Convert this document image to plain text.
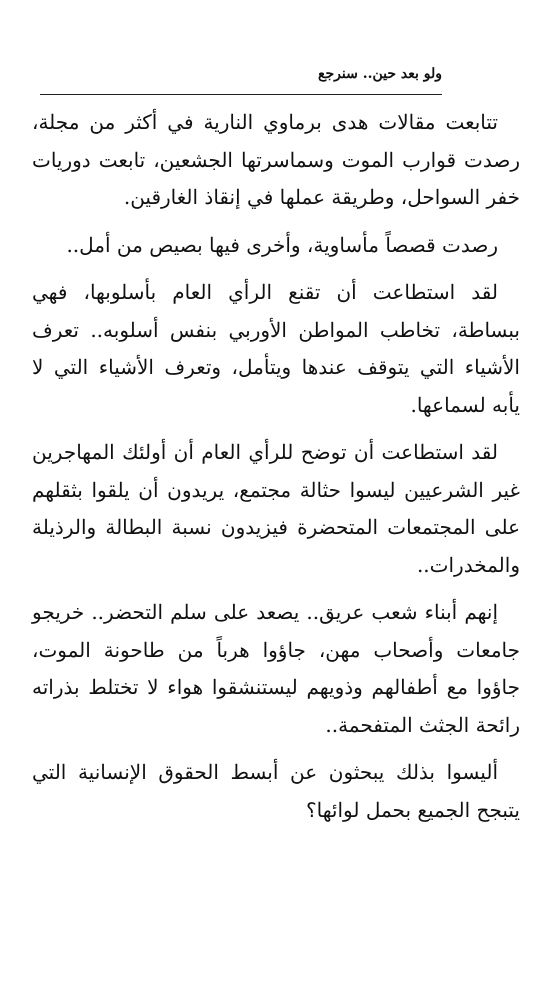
ولو بعد حين.. سنرجع

تتابعت مقالات هدى برماوي النارية في أكثر من مجلة، رصدت قوارب الموت وسماسرتها الجشعين، تابعت دوريات خفر السواحل، وطريقة عملها في إنقاذ الغارقين.

رصدت قصصاً مأساوية، وأخرى فيها بصيص من أمل..

لقد استطاعت أن تقنع الرأي العام بأسلوبها، فهي ببساطة، تخاطب المواطن الأوربي بنفس أسلوبه.. تعرف الأشياء التي يتوقف عندها ويتأمل، وتعرف الأشياء التي لا يأبه لسماعها.

لقد استطاعت أن توضح للرأي العام أن أولئك المهاجرين غير الشرعيين ليسوا حثالة مجتمع، يريدون أن يلقوا بثقلهم على المجتمعات المتحضرة فيزيدون نسبة البطالة والرذيلة والمخدرات..

إنهم أبناء شعب عريق.. يصعد على سلم التحضر.. خريجو جامعات وأصحاب مهن، جاؤوا هرباً من طاحونة الموت، جاؤوا مع أطفالهم وذويهم ليستنشقوا هواء لا تختلط بذراته رائحة الجثث المتفحمة..

أليسوا بذلك يبحثون عن أبسط الحقوق الإنسانية التي يتبجح الجميع بحمل لوائها؟
